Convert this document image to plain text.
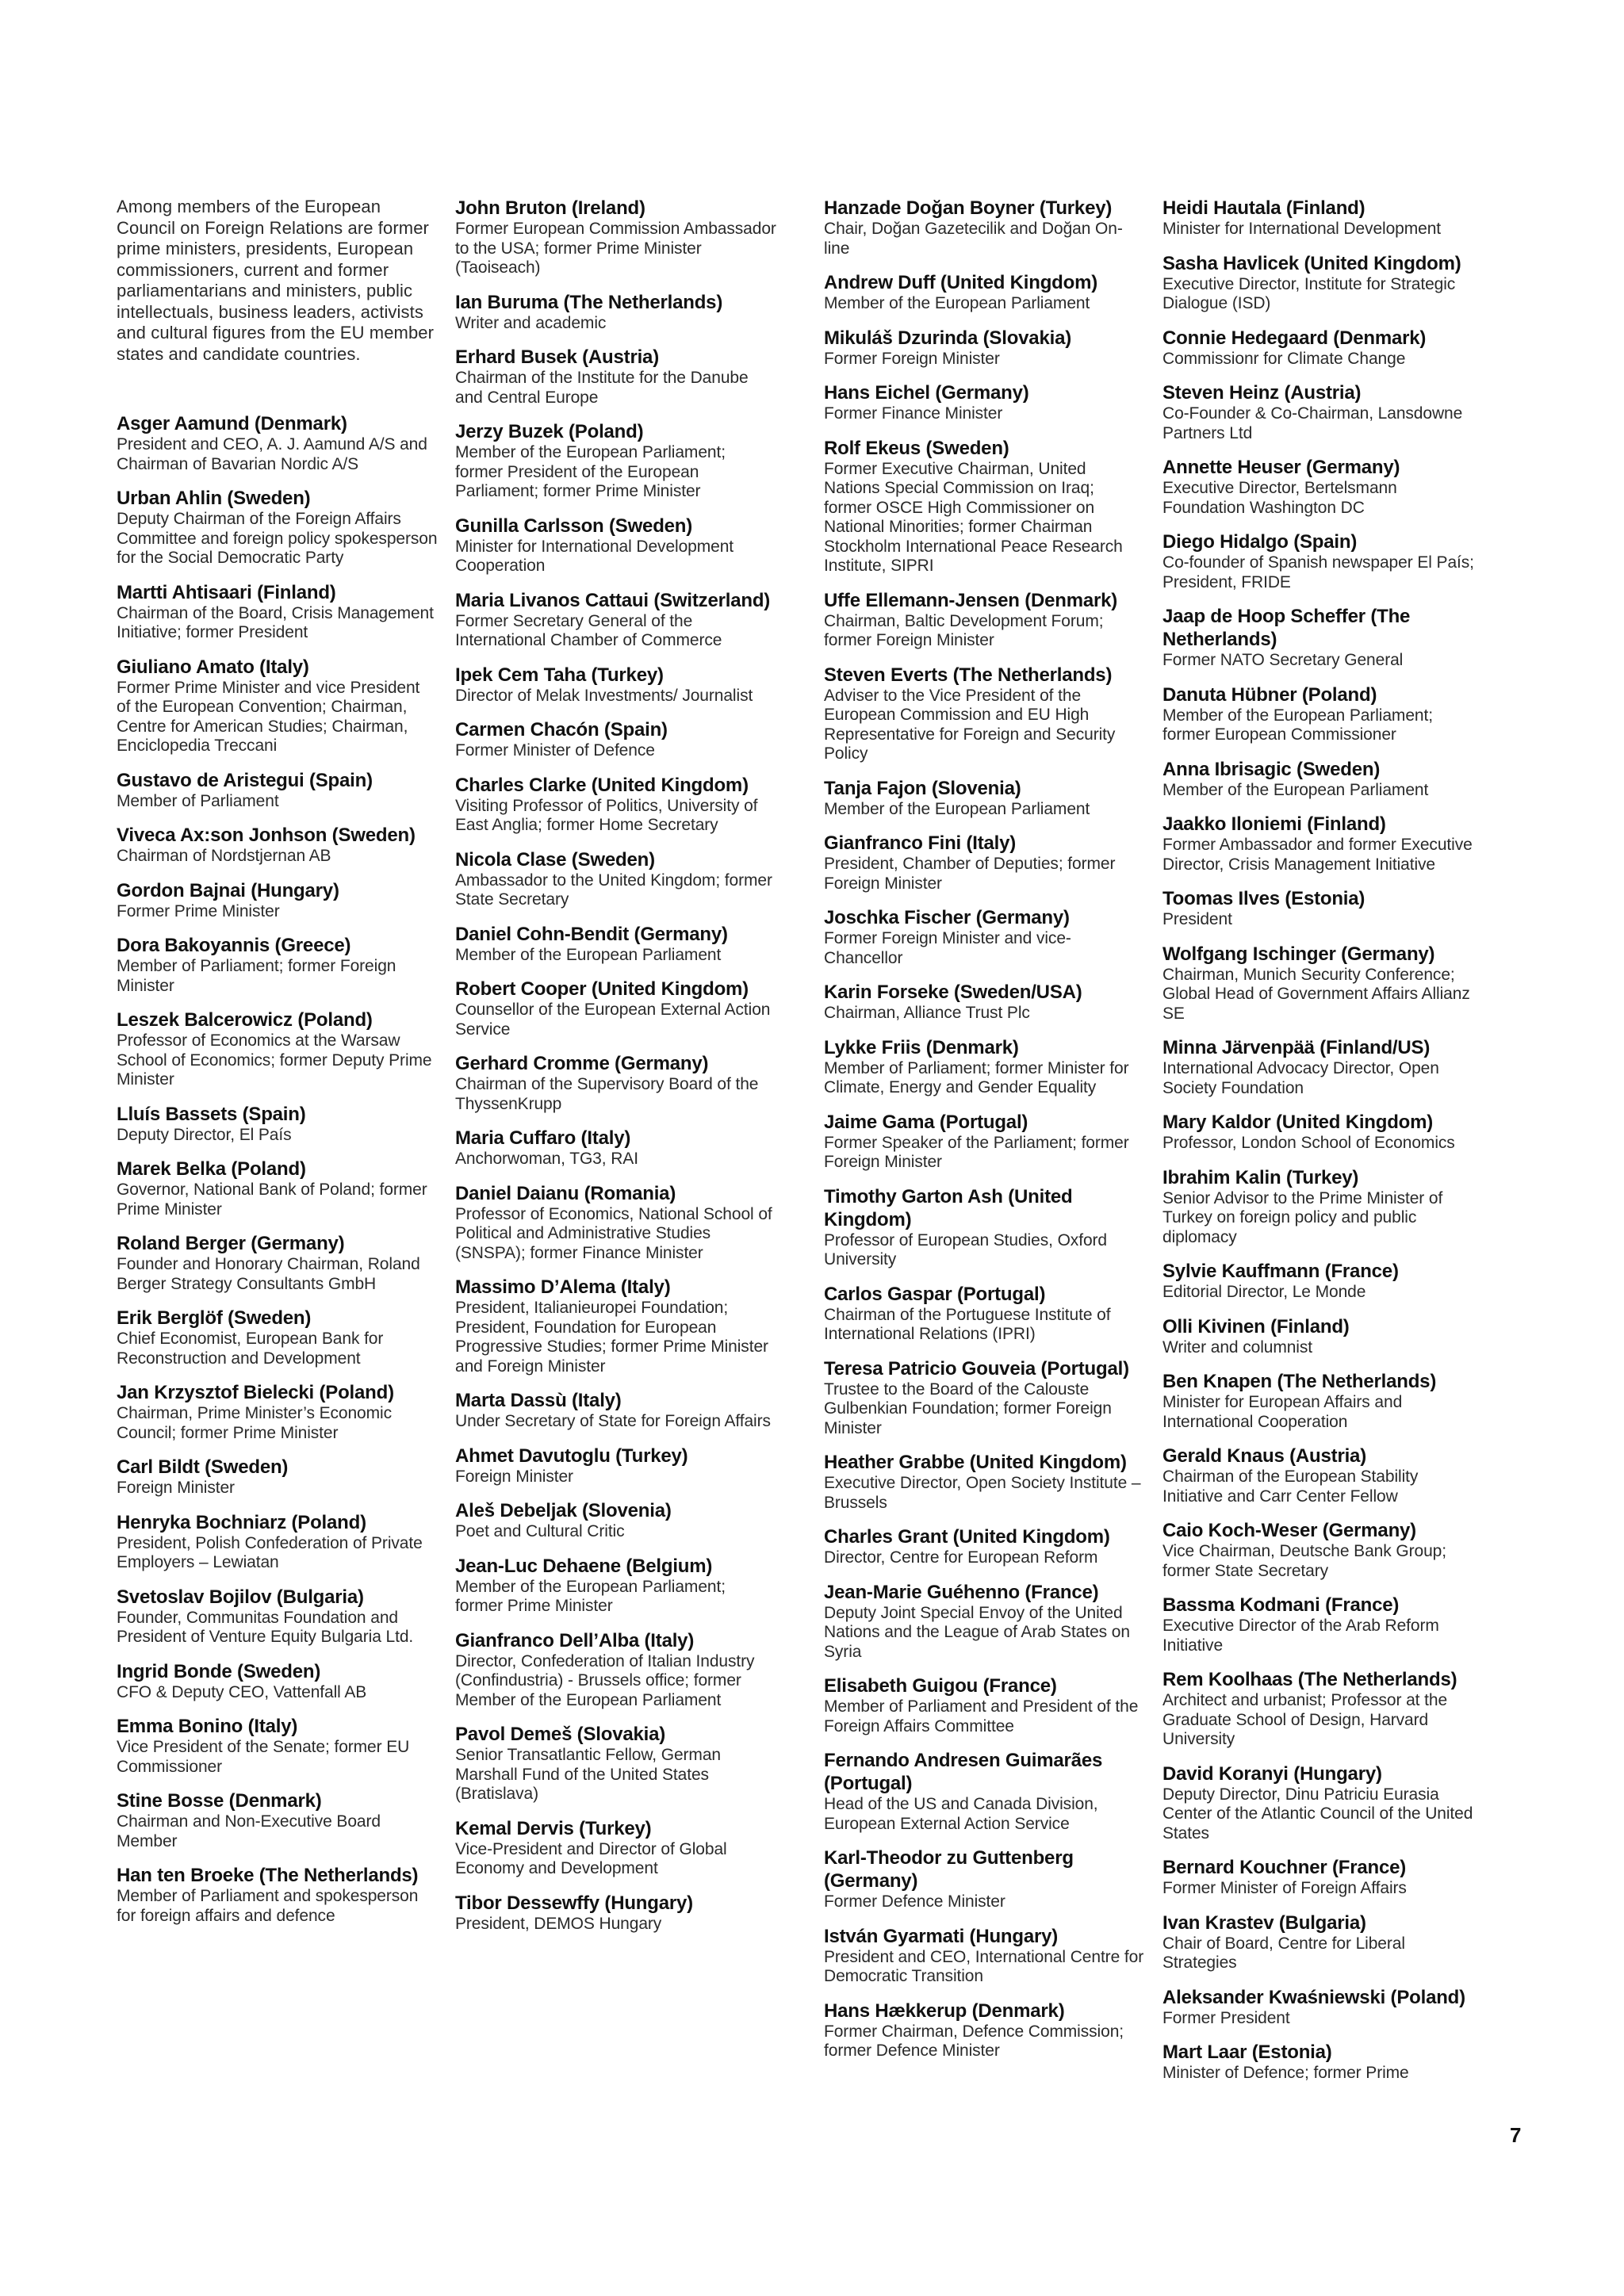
Among members of the European Council on Foreign Relations are former prime ministers, presidents, European commissioners, current and former parliamentarians and ministers, public intellectuals, business leaders, activists and cultural figures from the EU member states and candidate countries.

Asger Aamund (Denmark)
President and CEO, A. J. Aamund A/S and Chairman of Bavarian Nordic A/S
Urban Ahlin (Sweden)
Deputy Chairman of the Foreign Affairs Committee and foreign policy spokesperson for the Social Democratic Party
Martti Ahtisaari (Finland)
Chairman of the Board, Crisis Management Initiative; former President
Giuliano Amato (Italy)
Former Prime Minister and vice President of the European Convention; Chairman, Centre for American Studies; Chairman, Enciclopedia Treccani
Gustavo de Aristegui (Spain)
Member of Parliament
Viveca Ax:son Jonhson (Sweden)
Chairman of Nordstjernan AB
Gordon Bajnai (Hungary)
Former Prime Minister
Dora Bakoyannis (Greece)
Member of Parliament; former Foreign Minister
Leszek Balcerowicz (Poland)
Professor of Economics at the Warsaw School of Economics; former Deputy Prime Minister
Lluís Bassets (Spain)
Deputy Director, El País
Marek Belka (Poland)
Governor, National Bank of Poland; former Prime Minister
Roland Berger (Germany)
Founder and Honorary Chairman, Roland Berger Strategy Consultants GmbH
Erik Berglöf (Sweden)
Chief Economist, European Bank for Reconstruction and Development
Jan Krzysztof Bielecki (Poland)
Chairman, Prime Minister’s Economic Council; former Prime Minister
Carl Bildt (Sweden)
Foreign Minister
Henryka Bochniarz (Poland)
President, Polish Confederation of Private Employers – Lewiatan
Svetoslav Bojilov (Bulgaria)
Founder, Communitas Foundation and President of Venture Equity Bulgaria Ltd.
Ingrid Bonde (Sweden)
CFO & Deputy CEO, Vattenfall AB
Emma Bonino (Italy)
Vice President of the Senate; former EU Commissioner
Stine Bosse (Denmark)
Chairman and Non-Executive Board Member
Han ten Broeke (The Netherlands)
Member of Parliament and spokesperson for foreign affairs and defence
John Bruton (Ireland)
Former European Commission Ambassador to the USA; former Prime Minister (Taoiseach)
Ian Buruma (The Netherlands)
Writer and academic
Erhard Busek (Austria)
Chairman of the Institute for the Danube and Central Europe
Jerzy Buzek (Poland)
Member of the European Parliament; former President of the European Parliament; former Prime Minister
Gunilla Carlsson (Sweden)
Minister for International Development Cooperation
Maria Livanos Cattaui (Switzerland)
Former Secretary General of the International Chamber of Commerce
Ipek Cem Taha (Turkey)
Director of Melak Investments/ Journalist
Carmen Chacón (Spain)
Former Minister of Defence
Charles Clarke (United Kingdom)
Visiting Professor of Politics, University of East Anglia; former Home Secretary
Nicola Clase (Sweden)
Ambassador to the United Kingdom; former State Secretary
Daniel Cohn-Bendit (Germany)
Member of the European Parliament
Robert Cooper (United Kingdom)
Counsellor of the European External Action Service
Gerhard Cromme (Germany)
Chairman of the Supervisory Board of the ThyssenKrupp
Maria Cuffaro (Italy)
Anchorwoman, TG3, RAI
Daniel Daianu (Romania)
Professor of Economics, National School of Political and Administrative Studies (SNSPA); former Finance Minister
Massimo D’Alema (Italy)
President, Italianieuropei Foundation; President, Foundation for European Progressive Studies; former Prime Minister and Foreign Minister
Marta Dassù (Italy)
Under Secretary of State for Foreign Affairs
Ahmet Davutoglu (Turkey)
Foreign Minister
Aleš Debeljak (Slovenia)
Poet and Cultural Critic
Jean-Luc Dehaene (Belgium)
Member of the European Parliament; former Prime Minister
Gianfranco Dell’Alba (Italy)
Director, Confederation of Italian Industry (Confindustria) - Brussels office; former Member of the European Parliament
Pavol Demeš (Slovakia)
Senior Transatlantic Fellow, German Marshall Fund of the United States (Bratislava)
Kemal Dervis (Turkey)
Vice-President and Director of Global Economy and Development
Tibor Dessewffy (Hungary)
President, DEMOS Hungary
Hanzade Doğan Boyner (Turkey)
Chair, Doğan Gazetecilik and Doğan On-line
Andrew Duff (United Kingdom)
Member of the European Parliament
Mikuláš Dzurinda (Slovakia)
Former Foreign Minister
Hans Eichel (Germany)
Former Finance Minister
Rolf Ekeus (Sweden)
Former Executive Chairman, United Nations Special Commission on Iraq; former OSCE High Commissioner on National Minorities; former Chairman Stockholm International Peace Research Institute, SIPRI
Uffe Ellemann-Jensen (Denmark)
Chairman, Baltic Development Forum; former Foreign Minister
Steven Everts (The Netherlands)
Adviser to the Vice President of the European Commission and EU High Representative for Foreign and Security Policy
Tanja Fajon (Slovenia)
Member of the European Parliament
Gianfranco Fini (Italy)
President, Chamber of Deputies; former Foreign Minister
Joschka Fischer (Germany)
Former Foreign Minister and vice-Chancellor
Karin Forseke (Sweden/USA)
Chairman, Alliance Trust Plc
Lykke Friis (Denmark)
Member of Parliament; former Minister for Climate, Energy and Gender Equality
Jaime Gama (Portugal)
Former Speaker of the Parliament; former Foreign Minister
Timothy Garton Ash (United Kingdom)
Professor of European Studies, Oxford University
Carlos Gaspar (Portugal)
Chairman of the Portuguese Institute of International Relations (IPRI)
Teresa Patricio Gouveia (Portugal)
Trustee to the Board of the Calouste Gulbenkian Foundation; former Foreign Minister
Heather Grabbe (United Kingdom)
Executive Director, Open Society Institute – Brussels
Charles Grant (United Kingdom)
Director, Centre for European Reform
Jean-Marie Guéhenno (France)
Deputy Joint Special Envoy of the United Nations and the League of Arab States on Syria
Elisabeth Guigou (France)
Member of Parliament and President of the Foreign Affairs Committee
Fernando Andresen Guimarães (Portugal)
Head of the US and Canada Division, European External Action Service
Karl-Theodor zu Guttenberg (Germany)
Former Defence Minister
István Gyarmati (Hungary)
President and CEO, International Centre for Democratic Transition
Hans Hækkerup (Denmark)
Former Chairman, Defence Commission; former Defence Minister
Heidi Hautala (Finland)
Minister for International Development
Sasha Havlicek (United Kingdom)
Executive Director, Institute for Strategic Dialogue (ISD)
Connie Hedegaard (Denmark)
Commissionr for Climate Change
Steven Heinz (Austria)
Co-Founder & Co-Chairman, Lansdowne Partners Ltd
Annette Heuser (Germany)
Executive Director, Bertelsmann Foundation Washington DC
Diego Hidalgo (Spain)
Co-founder of Spanish newspaper El País; President, FRIDE
Jaap de Hoop Scheffer (The Netherlands)
Former NATO Secretary General
Danuta Hübner (Poland)
Member of the European Parliament; former European Commissioner
Anna Ibrisagic (Sweden)
Member of the European Parliament
Jaakko Iloniemi (Finland)
Former Ambassador and former Executive Director, Crisis Management Initiative
Toomas Ilves (Estonia)
President
Wolfgang Ischinger (Germany)
Chairman, Munich Security Conference; Global Head of Government Affairs Allianz SE
Minna Järvenpää (Finland/US)
International Advocacy Director, Open Society Foundation
Mary Kaldor (United Kingdom)
Professor, London School of Economics
Ibrahim Kalin (Turkey)
Senior Advisor to the Prime Minister of Turkey on foreign policy and public diplomacy
Sylvie Kauffmann (France)
Editorial Director, Le Monde
Olli Kivinen (Finland)
Writer and columnist
Ben Knapen (The Netherlands)
Minister for European Affairs and International Cooperation
Gerald Knaus (Austria)
Chairman of the European Stability Initiative and Carr Center Fellow
Caio Koch-Weser (Germany)
Vice Chairman, Deutsche Bank Group; former State Secretary
Bassma Kodmani (France)
Executive Director of the Arab Reform Initiative
Rem Koolhaas (The Netherlands)
Architect and urbanist; Professor at the Graduate School of Design, Harvard University
David Koranyi (Hungary)
Deputy Director, Dinu Patriciu Eurasia Center of the Atlantic Council of the United States
Bernard Kouchner (France)
Former Minister of Foreign Affairs
Ivan Krastev (Bulgaria)
Chair of Board, Centre for Liberal Strategies
Aleksander Kwaśniewski (Poland)
Former President
Mart Laar (Estonia)
Minister of Defence; former Prime
7
